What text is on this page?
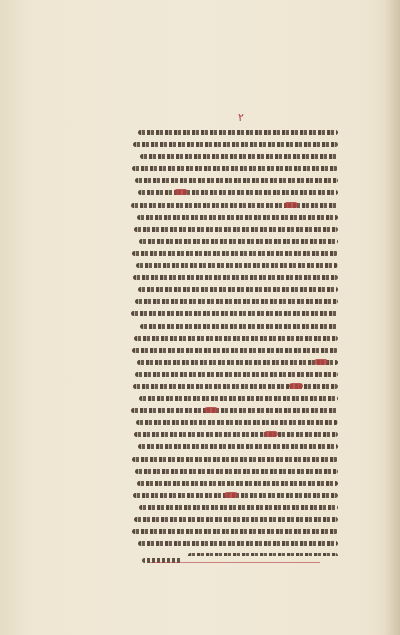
٢
